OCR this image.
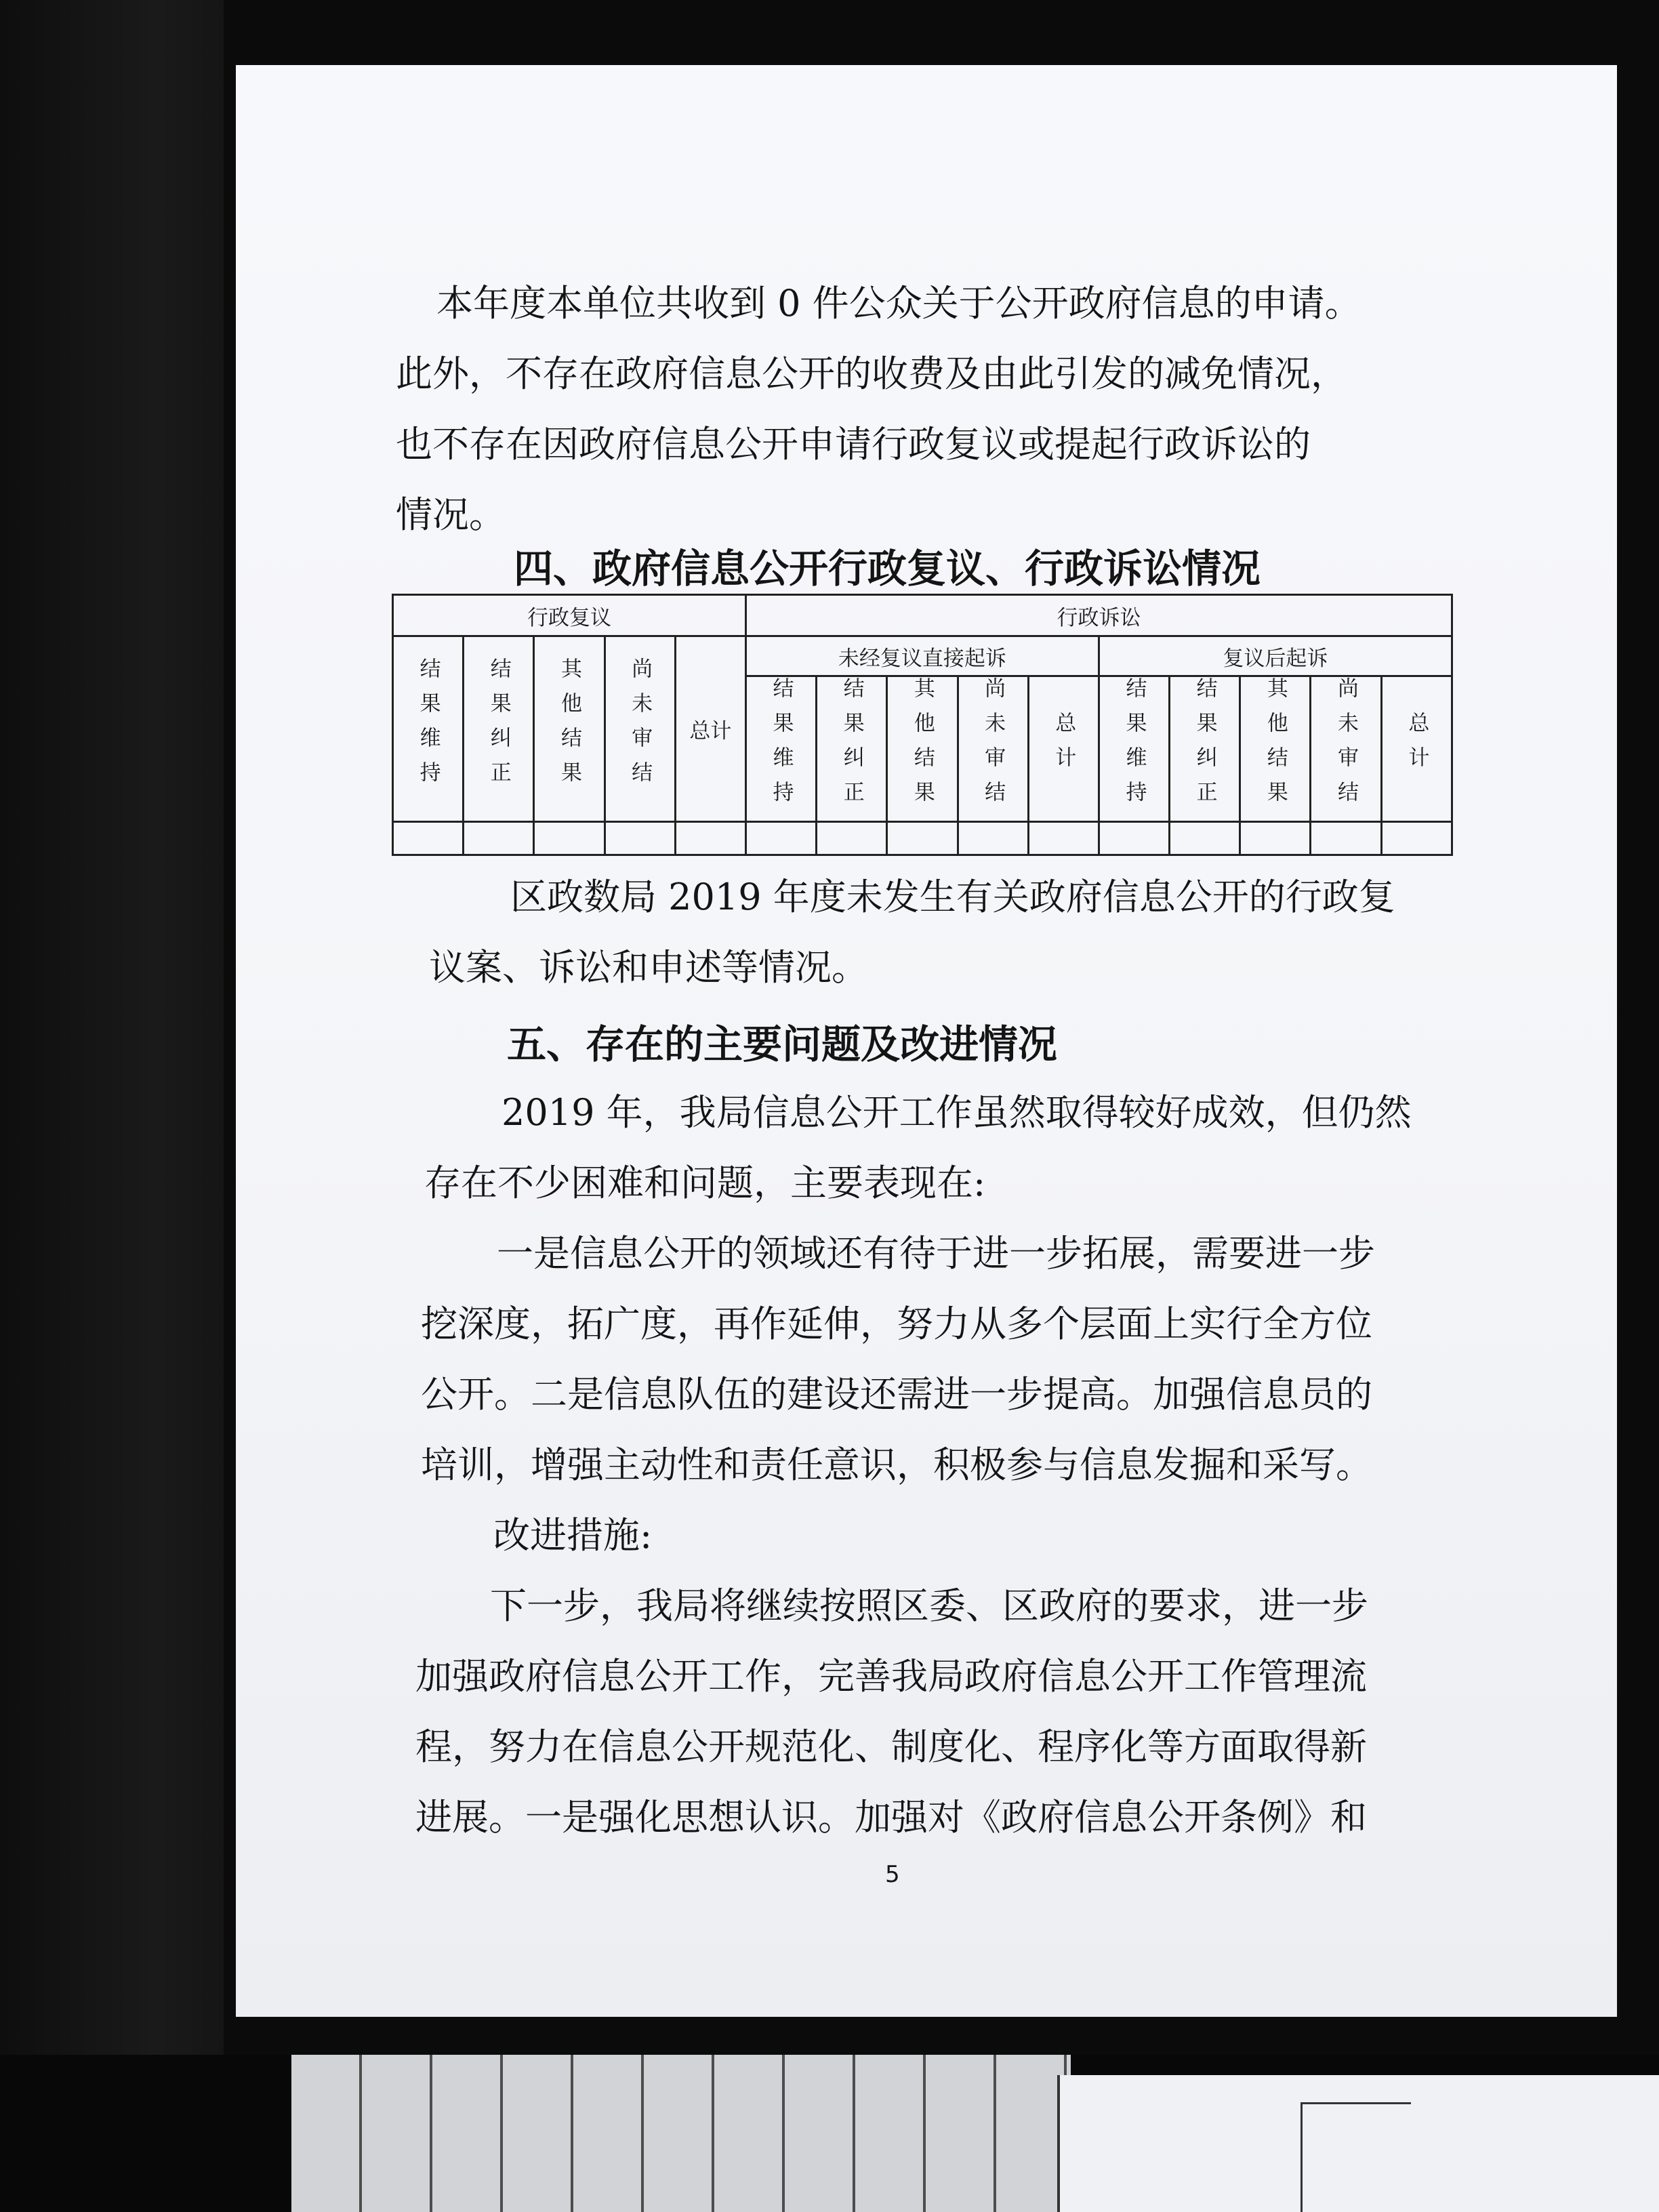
本年度本单位共收到 0 件公众关于公开政府信息的申请。
此外，不存在政府信息公开的收费及由此引发的减免情况，
也不存在因政府信息公开申请行政复议或提起行政诉讼的
情况。

四、政府信息公开行政复议、行政诉讼情况
行政复议					行政诉讼									
结果维持	结果纠正	其他结果	尚未审结	总计	未经复议直接起诉					复议后起诉				
					结果维持	结果纠正	其他结果	尚未审结	总计	结果维持	结果纠正	其他结果	尚未审结	总计

区政数局 2019 年度未发生有关政府信息公开的行政复
议案、诉讼和申述等情况。

五、存在的主要问题及改进情况

2019 年，我局信息公开工作虽然取得较好成效，但仍然
存在不少困难和问题，主要表现在:

一是信息公开的领域还有待于进一步拓展，需要进一步
挖深度，拓广度，再作延伸，努力从多个层面上实行全方位
公开。二是信息队伍的建设还需进一步提高。加强信息员的
培训，增强主动性和责任意识，积极参与信息发掘和采写。

改进措施:

下一步，我局将继续按照区委、区政府的要求，进一步
加强政府信息公开工作，完善我局政府信息公开工作管理流
程，努力在信息公开规范化、制度化、程序化等方面取得新
进展。一是强化思想认识。加强对《政府信息公开条例》和

5
